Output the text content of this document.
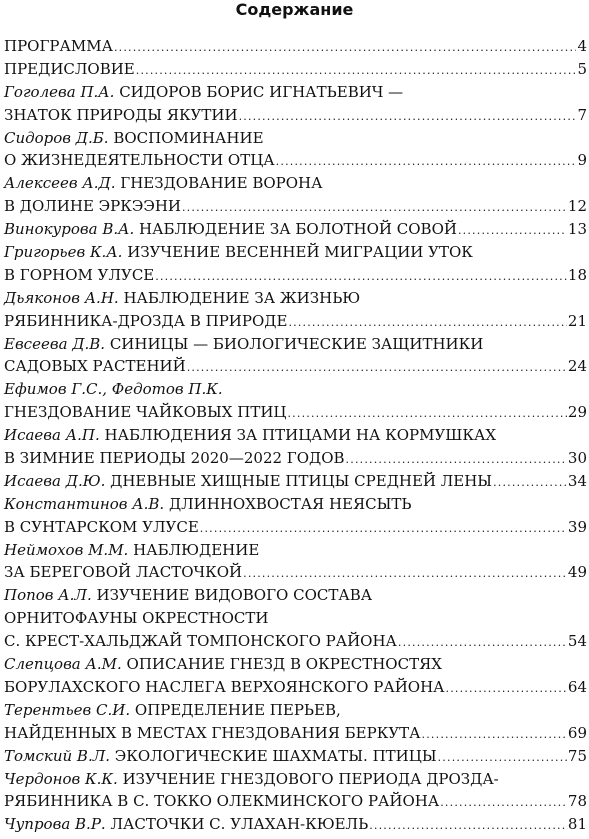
Содержание
ПРОГРАММА .....	4
ПРЕДИСЛОВИЕ .....	5
Гоголева П.А.
СИДОРОВ БОРИС ИГНАТЬЕВИЧ —
ЗНАТОК ПРИРОДЫ ЯКУТИИ .....	7
Сидоров Д.Б.
ВОСПОМИНАНИЕ
О ЖИЗНЕДЕЯТЕЛЬНОСТИ ОТЦА .....	9
Алексеев А.Д.
ГНЕЗДОВАНИЕ ВОРОНА
В ДОЛИНЕ ЭРКЭЭНИ .....	12
Винокурова В.А.
НАБЛЮДЕНИЕ ЗА БОЛОТНОЙ СОВОЙ .....	13
Григорьев К.А.
ИЗУЧЕНИЕ ВЕСЕННЕЙ МИГРАЦИИ УТОК
В ГОРНОМ УЛУСЕ .....	18
Дьяконов А.Н.
НАБЛЮДЕНИЕ ЗА ЖИЗНЬЮ
РЯБИННИКА-ДРОЗДА В ПРИРОДЕ .....	21
Евсеева Д.В.
СИНИЦЫ — БИОЛОГИЧЕСКИЕ ЗАЩИТНИКИ
САДОВЫХ РАСТЕНИЙ .....	24
Ефимов Г.С., Федотов П.К.
ГНЕЗДОВАНИЕ ЧАЙКОВЫХ ПТИЦ .....	29
Исаева А.П.
НАБЛЮДЕНИЯ ЗА ПТИЦАМИ НА КОРМУШКАХ
В ЗИМНИЕ ПЕРИОДЫ 2020—2022 ГОДОВ .....	30
Исаева Д.Ю.
ДНЕВНЫЕ ХИЩНЫЕ ПТИЦЫ СРЕДНЕЙ ЛЕНЫ .....	34
Константинов А.В.
ДЛИННОХВОСТАЯ НЕЯСЫТЬ
В СУНТАРСКОМ УЛУСЕ .....	39
Неймохов М.М.
НАБЛЮДЕНИЕ
ЗА БЕРЕГОВОЙ ЛАСТОЧКОЙ .....	49
Попов А.Л.
ИЗУЧЕНИЕ ВИДОВОГО СОСТАВА
ОРНИТОФАУНЫ ОКРЕСТНОСТИ
С. КРЕСТ-ХАЛЬДЖАЙ ТОМПОНСКОГО РАЙОНА .....	54
Слепцова А.М.
ОПИСАНИЕ ГНЕЗД В ОКРЕСТНОСТЯХ
БОРУЛАХСКОГО НАСЛЕГА ВЕРХОЯНСКОГО РАЙОНА .....	64
Терентьев С.И.
ОПРЕДЕЛЕНИЕ ПЕРЬЕВ,
НАЙДЕННЫХ В МЕСТАХ ГНЕЗДОВАНИЯ БЕРКУТА .....	69
Томский В.Л.
ЭКОЛОГИЧЕСКИЕ ШАХМАТЫ. ПТИЦЫ .....	75
Чердонов К.К.
ИЗУЧЕНИЕ ГНЕЗДОВОГО ПЕРИОДА ДРОЗДА-
РЯБИННИКА В С. ТОККО ОЛЕКМИНСКОГО РАЙОНА .....	78
Чупрова В.Р.
ЛАСТОЧКИ С. УЛАХАН-КЮЕЛЬ .....	81
